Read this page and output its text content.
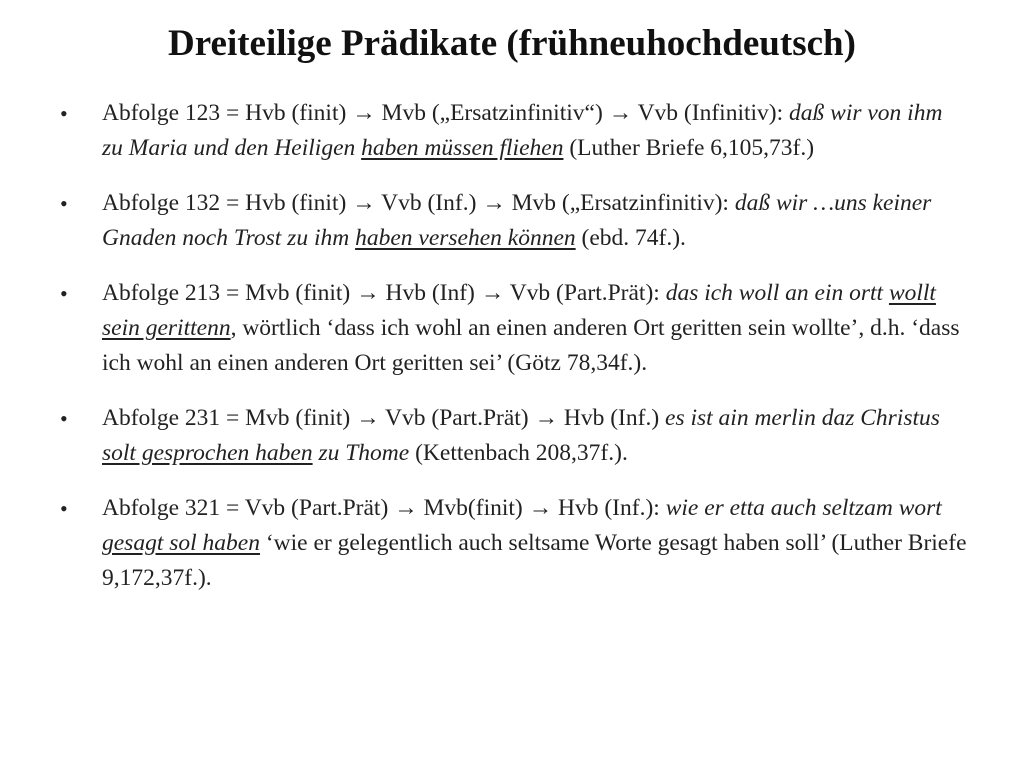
Dreiteilige Prädikate (frühneuhochdeutsch)
• Abfolge 123 = Hvb (finit) → Mvb („Ersatzinfinitiv“) → Vvb (Infinitiv): daß wir von ihm zu Maria und den Heiligen haben müssen fliehen (Luther Briefe 6,105,73f.)
• Abfolge 132 = Hvb (finit) → Vvb (Inf.) → Mvb („Ersatzinfinitiv): daß wir …uns keiner Gnaden noch Trost zu ihm haben versehen können (ebd. 74f.).
• Abfolge 213 = Mvb (finit) → Hvb (Inf) → Vvb (Part.Prät): das ich woll an ein ortt wollt sein gerittenn, wörtlich ‘dass ich wohl an einen anderen Ort geritten sein wollte’, d.h. ‘dass ich wohl an einen anderen Ort geritten sei’ (Götz 78,34f.).
• Abfolge 231 = Mvb (finit) → Vvb (Part.Prät) → Hvb (Inf.) es ist ain merlin daz Christus solt gesprochen haben zu Thome (Kettenbach 208,37f.).
• Abfolge 321 = Vvb (Part.Prät) → Mvb(finit) → Hvb (Inf.): wie er etta auch seltzam wort gesagt sol haben ‘wie er gelegentlich auch seltsame Worte gesagt haben soll’ (Luther Briefe 9,172,37f.).
